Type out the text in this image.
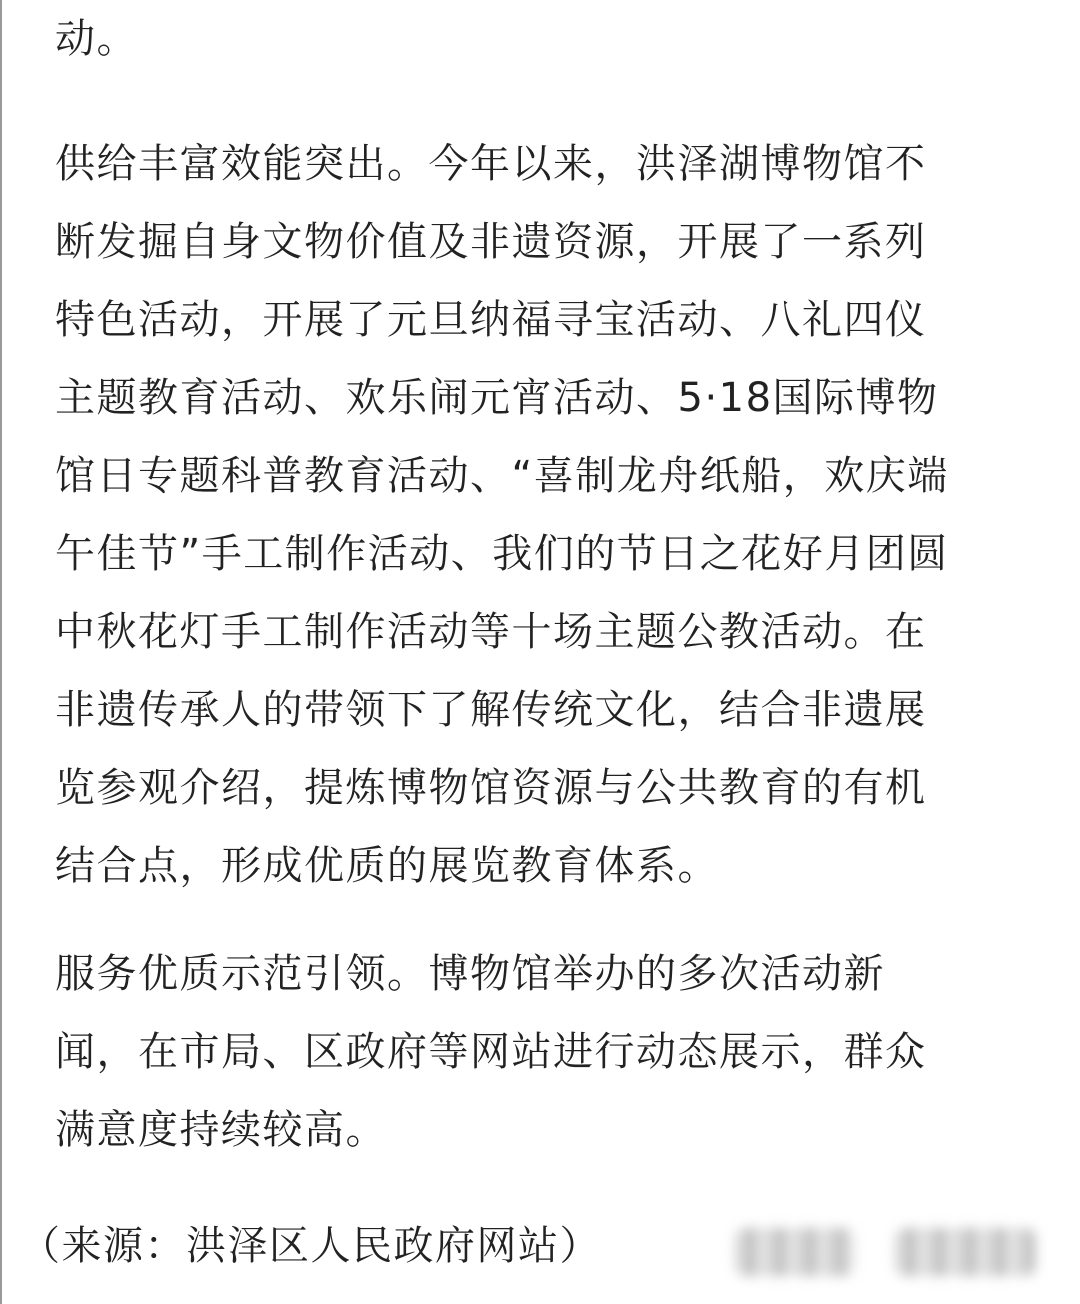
动。

供给丰富效能突出。今年以来，洪泽湖博物馆不
断发掘自身文物价值及非遗资源，开展了一系列
特色活动，开展了元旦纳福寻宝活动、八礼四仪
主题教育活动、欢乐闹元宵活动、5·18国际博物
馆日专题科普教育活动、“喜制龙舟纸船，欢庆端
午佳节”手工制作活动、我们的节日之花好月团圆
中秋花灯手工制作活动等十场主题公教活动。在
非遗传承人的带领下了解传统文化，结合非遗展
览参观介绍，提炼博物馆资源与公共教育的有机
结合点，形成优质的展览教育体系。

服务优质示范引领。博物馆举办的多次活动新
闻，在市局、区政府等网站进行动态展示，群众
满意度持续较高。

（来源：洪泽区人民政府网站）
